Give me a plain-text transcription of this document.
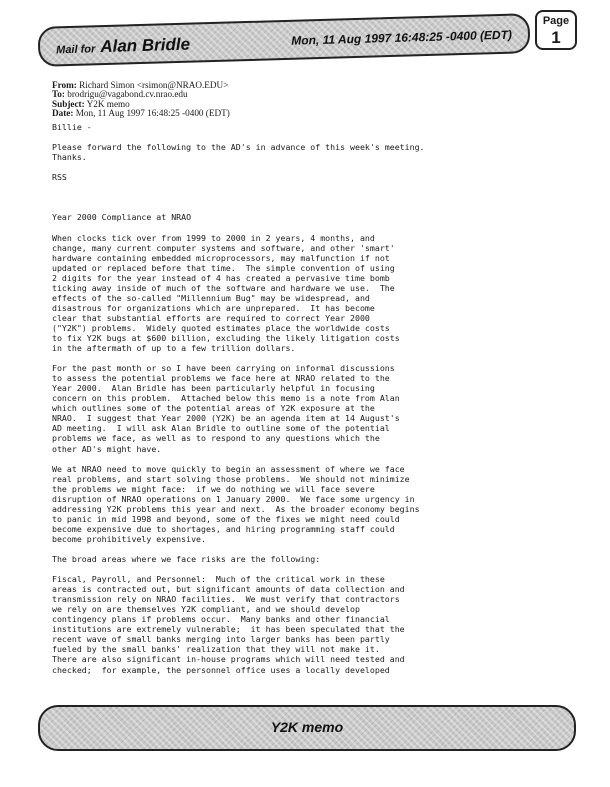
Mail for Alan Bridle	Mon, 11 Aug 1997 16:48:25 -0400 (EDT)
Page
1
From: Richard Simon <rsimon@NRAO.EDU>
To: brodrigu@vagabond.cv.nrao.edu
Subject: Y2K memo
Date: Mon, 11 Aug 1997 16:48:25 -0400 (EDT)
Billie -
Please forward the following to the AD's in advance of this week's meeting.
Thanks.
RSS
Year 2000 Compliance at NRAO
When clocks tick over from 1999 to 2000 in 2 years, 4 months, and
change, many current computer systems and software, and other 'smart'
hardware containing embedded microprocessors, may malfunction if not
updated or replaced before that time.  The simple convention of using
2 digits for the year instead of 4 has created a pervasive time bomb
ticking away inside of much of the software and hardware we use.  The
effects of the so-called "Millennium Bug" may be widespread, and
disastrous for organizations which are unprepared.  It has become
clear that substantial efforts are required to correct Year 2000
("Y2K") problems.  Widely quoted estimates place the worldwide costs
to fix Y2K bugs at $600 billion, excluding the likely litigation costs
in the aftermath of up to a few trillion dollars.
For the past month or so I have been carrying on informal discussions
to assess the potential problems we face here at NRAO related to the
Year 2000.  Alan Bridle has been particularly helpful in focusing
concern on this problem.  Attached below this memo is a note from Alan
which outlines some of the potential areas of Y2K exposure at the
NRAO.  I suggest that Year 2000 (Y2K) be an agenda item at 14 August's
AD meeting.  I will ask Alan Bridle to outline some of the potential
problems we face, as well as to respond to any questions which the
other AD's might have.
We at NRAO need to move quickly to begin an assessment of where we face
real problems, and start solving those problems.  We should not minimize
the problems we might face:  if we do nothing we will face severe
disruption of NRAO operations on 1 January 2000.  We face some urgency in
addressing Y2K problems this year and next.  As the broader economy begins
to panic in mid 1998 and beyond, some of the fixes we might need could
become expensive due to shortages, and hiring programming staff could
become prohibitively expensive.
The broad areas where we face risks are the following:
Fiscal, Payroll, and Personnel:  Much of the critical work in these
areas is contracted out, but significant amounts of data collection and
transmission rely on NRAO facilities.  We must verify that contractors
we rely on are themselves Y2K compliant, and we should develop
contingency plans if problems occur.  Many banks and other financial
institutions are extremely vulnerable;  it has been speculated that the
recent wave of small banks merging into larger banks has been partly
fueled by the small banks' realization that they will not make it.
There are also significant in-house programs which will need tested and
checked;  for example, the personnel office uses a locally developed
Y2K memo
